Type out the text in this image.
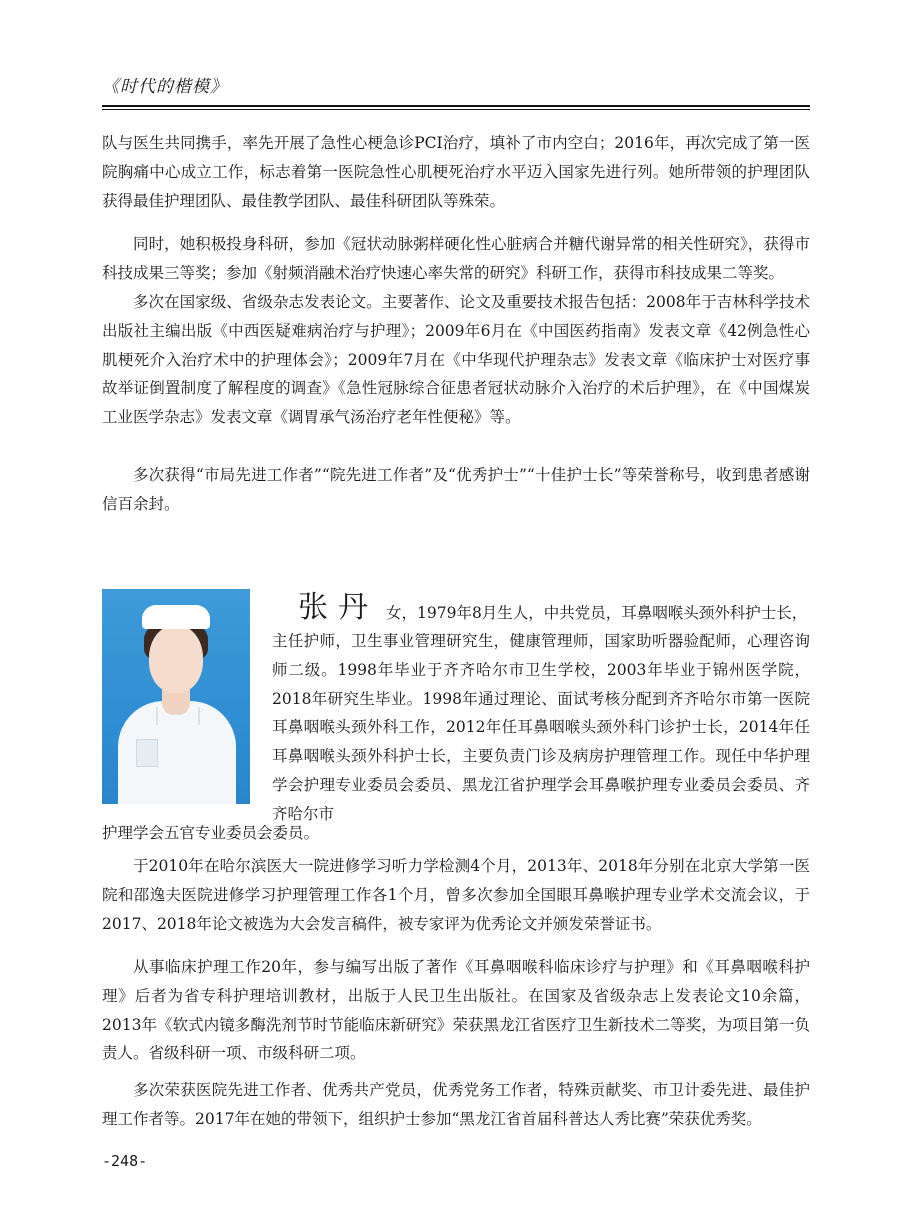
《时代的楷模》

队与医生共同携手，率先开展了急性心梗急诊PCI治疗，填补了市内空白；2016年，再次完成了第一医院胸痛中心成立工作，标志着第一医院急性心肌梗死治疗水平迈入国家先进行列。她所带领的护理团队获得最佳护理团队、最佳教学团队、最佳科研团队等殊荣。

同时，她积极投身科研，参加《冠状动脉粥样硬化性心脏病合并糖代谢异常的相关性研究》，获得市科技成果三等奖；参加《射频消融术治疗快速心率失常的研究》科研工作，获得市科技成果二等奖。

多次在国家级、省级杂志发表论文。主要著作、论文及重要技术报告包括：2008年于吉林科学技术出版社主编出版《中西医疑难病治疗与护理》；2009年6月在《中国医药指南》发表文章《42例急性心肌梗死介入治疗术中的护理体会》；2009年7月在《中华现代护理杂志》发表文章《临床护士对医疗事故举证倒置制度了解程度的调查》《急性冠脉综合征患者冠状动脉介入治疗的术后护理》，在《中国煤炭工业医学杂志》发表文章《调胃承气汤治疗老年性便秘》等。

多次获得“市局先进工作者”“院先进工作者”及“优秀护士”“十佳护士长”等荣誉称号，收到患者感谢信百余封。

张丹 女，1979年8月生人，中共党员，耳鼻咽喉头颈外科护士长，

主任护师，卫生事业管理研究生，健康管理师，国家助听器验配师，心理咨询师二级。1998年毕业于齐齐哈尔市卫生学校，2003年毕业于锦州医学院，2018年研究生毕业。1998年通过理论、面试考核分配到齐齐哈尔市第一医院耳鼻咽喉头颈外科工作，2012年任耳鼻咽喉头颈外科门诊护士长，2014年任耳鼻咽喉头颈外科护士长，主要负责门诊及病房护理管理工作。现任中华护理学会护理专业委员会委员、黑龙江省护理学会耳鼻喉护理专业委员会委员、齐齐哈尔市

护理学会五官专业委员会委员。

于2010年在哈尔滨医大一院进修学习听力学检测4个月，2013年、2018年分别在北京大学第一医院和邵逸夫医院进修学习护理管理工作各1个月，曾多次参加全国眼耳鼻喉护理专业学术交流会议，于2017、2018年论文被选为大会发言稿件，被专家评为优秀论文并颁发荣誉证书。

从事临床护理工作20年，参与编写出版了著作《耳鼻咽喉科临床诊疗与护理》和《耳鼻咽喉科护理》后者为省专科护理培训教材，出版于人民卫生出版社。在国家及省级杂志上发表论文10余篇，2013年《软式内镜多酶洗剂节时节能临床新研究》荣获黑龙江省医疗卫生新技术二等奖，为项目第一负责人。省级科研一项、市级科研二项。

多次荣获医院先进工作者、优秀共产党员，优秀党务工作者，特殊贡献奖、市卫计委先进、最佳护理工作者等。2017年在她的带领下，组织护士参加“黑龙江省首届科普达人秀比赛”荣获优秀奖。

-248-
